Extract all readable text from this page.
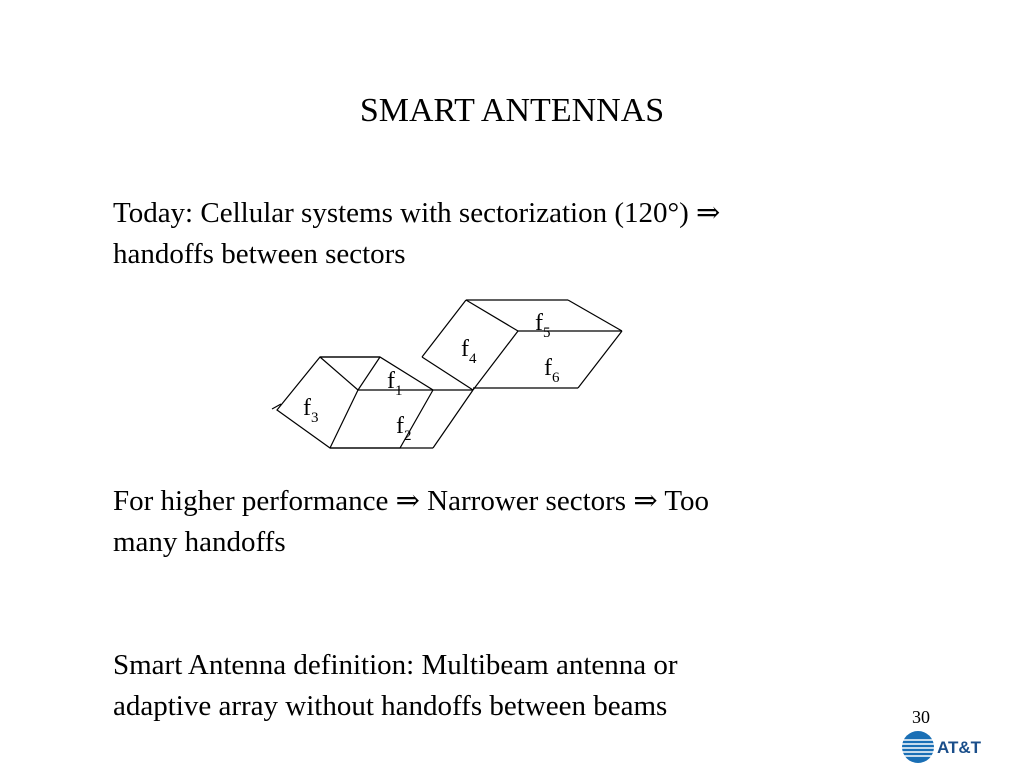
SMART ANTENNAS
Today: Cellular systems with sectorization (120°) ⇒
handoffs between sectors
$f_1$
$f_2$
$f_3$
$f_4$
$f_5$
$f_6$
For higher performance ⇒ Narrower sectors ⇒ Too
many handoffs
Smart Antenna definition: Multibeam antenna or
adaptive array without handoffs between beams	30
AT&T
